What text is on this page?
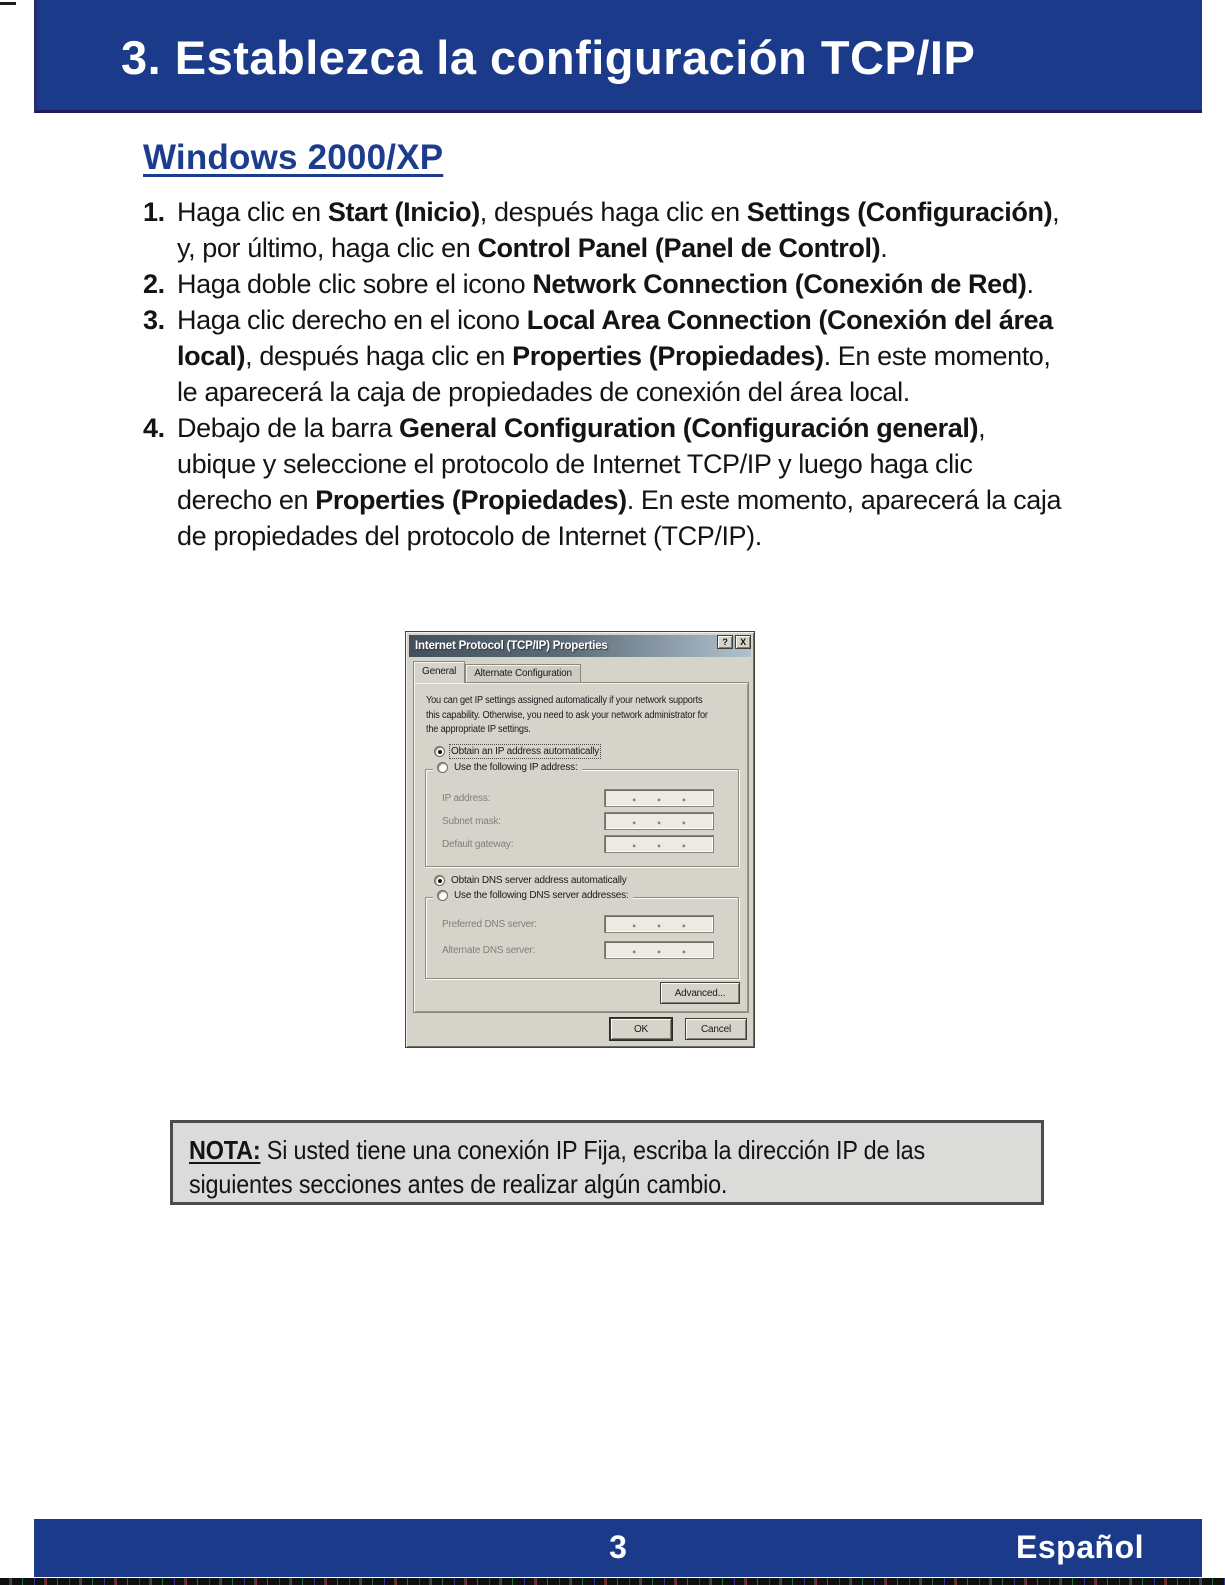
3. Establezca la configuración TCP/IP
Windows 2000/XP
1. Haga clic en Start (Inicio), después haga clic en Settings (Configuración),
y, por último, haga clic en Control Panel (Panel de Control).
2. Haga doble clic sobre el icono Network Connection (Conexión de Red).
3. Haga clic derecho en el icono Local Area Connection (Conexión del área
local), después haga clic en Properties (Propiedades). En este momento,
le aparecerá la caja de propiedades de conexión del área local.
4. Debajo de la barra General Configuration (Configuración general),
ubique y seleccione el protocolo de Internet TCP/IP y luego haga clic
derecho en Properties (Propiedades). En este momento, aparecerá la caja
de propiedades del protocolo de Internet (TCP/IP).
Internet Protocol (TCP/IP) Properties	?	X
General	Alternate Configuration
You can get IP settings assigned automatically if your network supports
this capability. Otherwise, you need to ask your network administrator for
the appropriate IP settings.
Obtain an IP address automatically
Use the following IP address:
IP address:
Subnet mask:
Default gateway:
Obtain DNS server address automatically
Use the following DNS server addresses:
Preferred DNS server:
Alternate DNS server:
Advanced...
OK	Cancel
NOTA: Si usted tiene una conexión IP Fija, escriba la dirección IP de las
siguientes secciones antes de realizar algún cambio.
3	Español
